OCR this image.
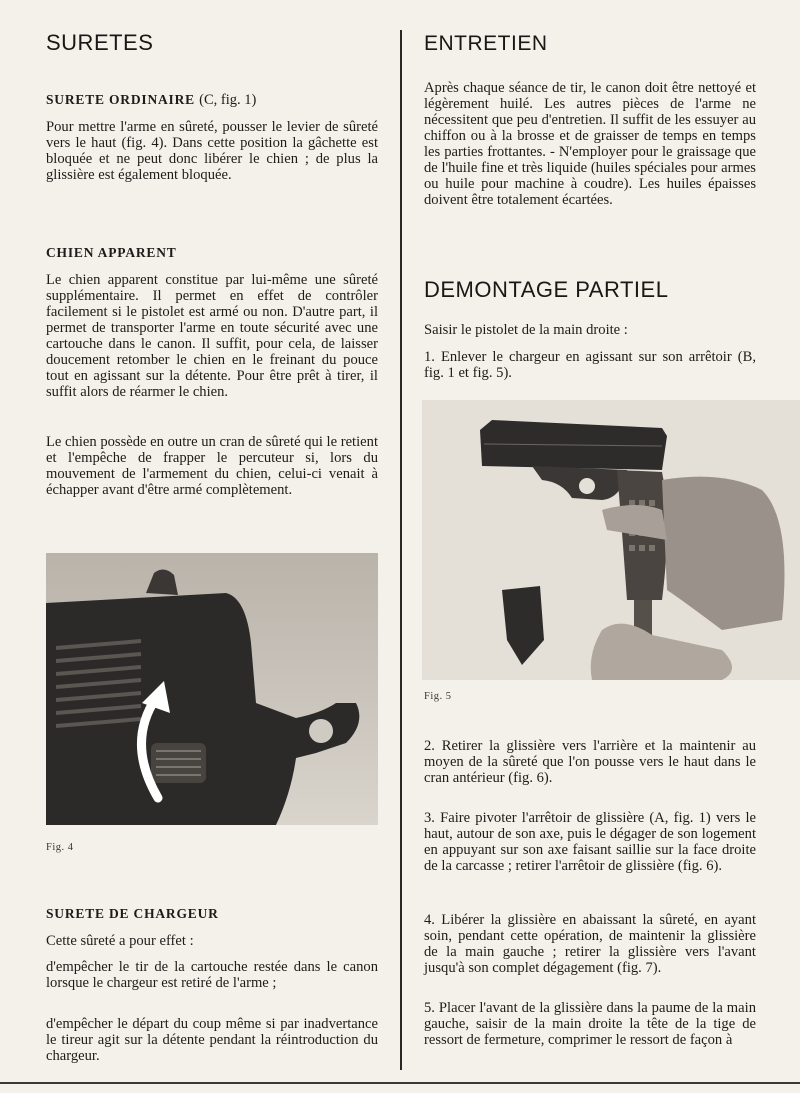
SURETES
SURETE ORDINAIRE (C, fig. 1)

Pour mettre l'arme en sûreté, pousser le levier de sûreté vers le haut (fig. 4). Dans cette position la gâchette est bloquée et ne peut donc libérer le chien ; de plus la glissière est également bloquée.

CHIEN APPARENT

Le chien apparent constitue par lui-même une sûreté supplémentaire. Il permet en effet de contrôler facilement si le pistolet est armé ou non. D'autre part, il permet de transporter l'arme en toute sécurité avec une cartouche dans le canon. Il suffit, pour cela, de laisser doucement retomber le chien en le freinant du pouce tout en agissant sur la détente. Pour être prêt à tirer, il suffit alors de réarmer le chien.

Le chien possède en outre un cran de sûreté qui le retient et l'empêche de frapper le percuteur si, lors du mouvement de l'armement du chien, celui-ci venait à échapper avant d'être armé complètement.

Fig. 4

SURETE DE CHARGEUR

Cette sûreté a pour effet :

d'empêcher le tir de la cartouche restée dans le canon lorsque le chargeur est retiré de l'arme ;

d'empêcher le départ du coup même si par inadvertance le tireur agit sur la détente pendant la réintroduction du chargeur.

ENTRETIEN

Après chaque séance de tir, le canon doit être nettoyé et légèrement huilé. Les autres pièces de l'arme ne nécessitent que peu d'entretien. Il suffit de les essuyer au chiffon ou à la brosse et de graisser de temps en temps les parties frottantes. - N'employer pour le graissage que de l'huile fine et très liquide (huiles spéciales pour armes ou huile pour machine à coudre). Les huiles épaisses doivent être totalement écartées.

DEMONTAGE PARTIEL

Saisir le pistolet de la main droite :

1. Enlever le chargeur en agissant sur son arrêtoir (B, fig. 1 et fig. 5).

Fig. 5

2. Retirer la glissière vers l'arrière et la maintenir au moyen de la sûreté que l'on pousse vers le haut dans le cran antérieur (fig. 6).

3. Faire pivoter l'arrêtoir de glissière (A, fig. 1) vers le haut, autour de son axe, puis le dégager de son logement en appuyant sur son axe faisant saillie sur la face droite de la carcasse ; retirer l'arrêtoir de glissière (fig. 6).

4. Libérer la glissière en abaissant la sûreté, en ayant soin, pendant cette opération, de maintenir la glissière de la main gauche ; retirer la glissière vers l'avant jusqu'à son complet dégagement (fig. 7).

5. Placer l'avant de la glissière dans la paume de la main gauche, saisir de la main droite la tête de la tige de ressort de fermeture, comprimer le ressort de façon à
